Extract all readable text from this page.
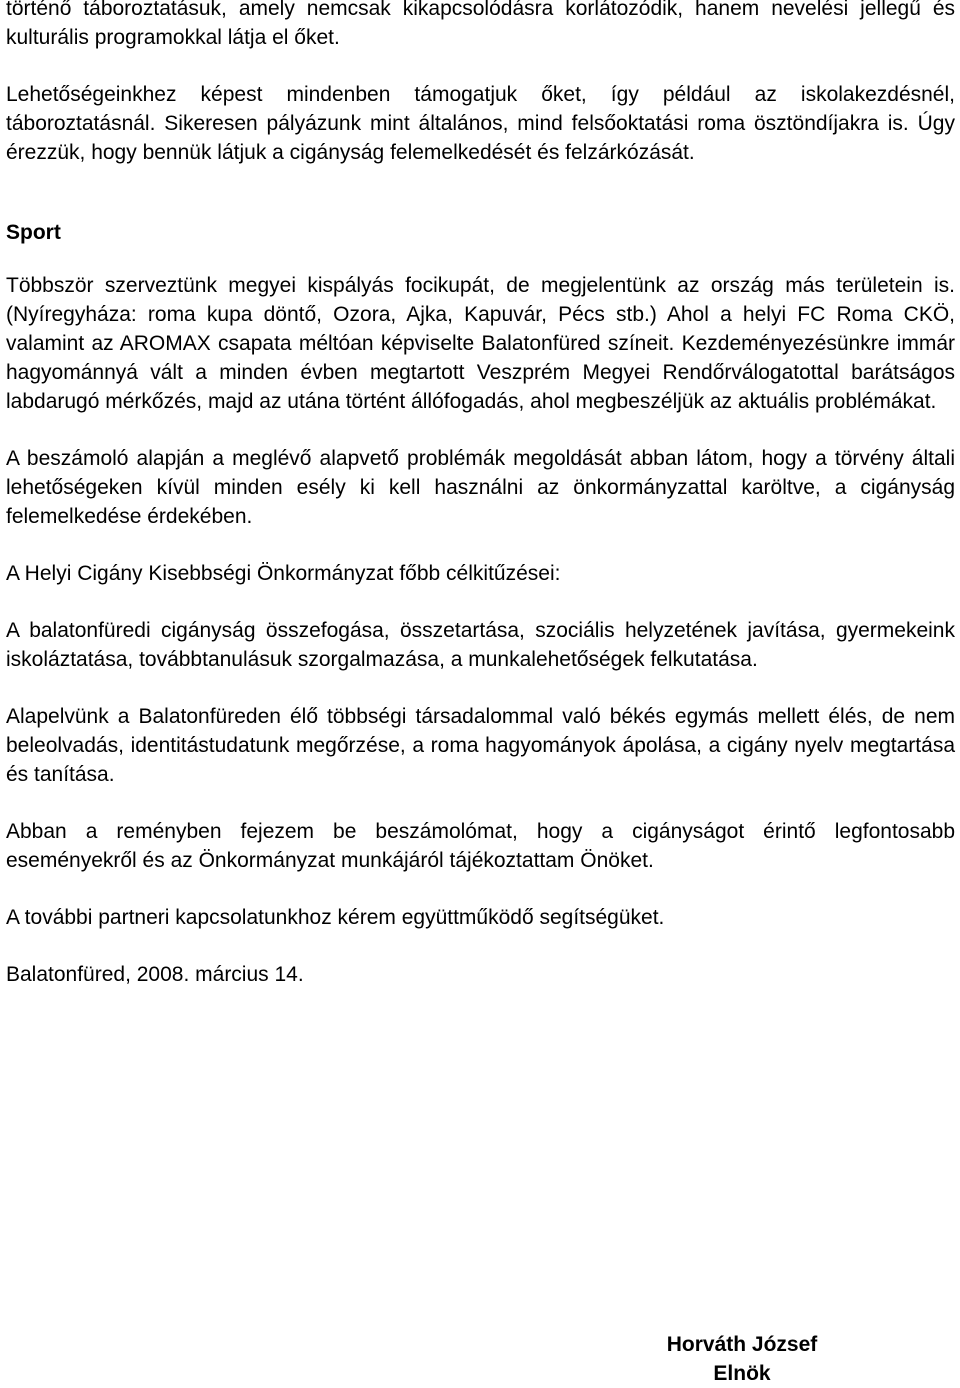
történő táboroztatásuk, amely nemcsak kikapcsolódásra korlátozódik, hanem nevelési jellegű és kulturális programokkal látja el őket.

Lehetőségeinkhez képest mindenben támogatjuk őket, így például az iskolakezdésnél, táboroztatásnál. Sikeresen pályázunk mint általános, mind felsőoktatási roma ösztöndíjakra is. Úgy érezzük, hogy bennük látjuk a cigányság felemelkedését és felzárkózását.

Sport

Többször szerveztünk megyei kispályás focikupát, de megjelentünk az ország más területein is. (Nyíregyháza: roma kupa döntő, Ozora, Ajka, Kapuvár, Pécs stb.) Ahol a helyi FC Roma CKÖ, valamint az AROMAX csapata méltóan képviselte Balatonfüred színeit. Kezdeményezésünkre immár hagyománnyá vált a minden évben megtartott Veszprém Megyei Rendőrválogatottal barátságos labdarugó mérkőzés, majd az utána történt állófogadás, ahol megbeszéljük az aktuális problémákat.

A beszámoló alapján a meglévő alapvető problémák megoldását abban látom, hogy a törvény általi lehetőségeken kívül minden esély ki kell használni az önkormányzattal karöltve, a cigányság felemelkedése érdekében.

A Helyi Cigány Kisebbségi Önkormányzat főbb célkitűzései:

A balatonfüredi cigányság összefogása, összetartása, szociális helyzetének javítása, gyermekeink iskoláztatása, továbbtanulásuk szorgalmazása, a munkalehetőségek felkutatása.

Alapelvünk a Balatonfüreden élő többségi társadalommal való békés egymás mellett élés, de nem beleolvadás, identitástudatunk megőrzése, a roma hagyományok ápolása, a cigány nyelv megtartása és tanítása.

Abban a reményben fejezem be beszámolómat, hogy a cigányságot érintő legfontosabb eseményekről és az Önkormányzat munkájáról tájékoztattam Önöket.

A további partneri kapcsolatunkhoz kérem együttműködő segítségüket.

Balatonfüred, 2008. március 14.

Horváth József
Elnök
